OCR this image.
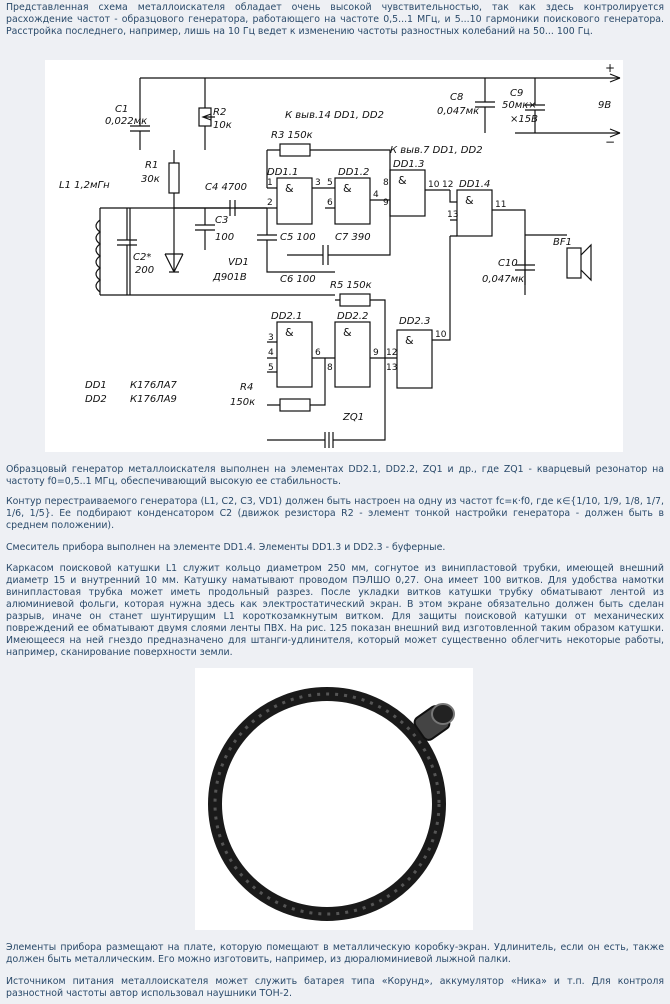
Представленная схема металлоискателя обладает очень высокой чувствительностью, так как здесь контролируется расхождение частот - образцового генератора, работающего на частоте 0,5...1 МГц, и 5...10 гармоники поискового генератора. Расстройка последнего, например, лишь на 10 Гц ведет к изменению частоты разностных колебаний на 50... 100 Гц.

C1
0,022мк
R2
10к
R1
30к
L1 1,2мГн
C2*
200
C3
100
VD1
Д901В
C4 4700
C5 100
C6 100
C7 390
R3 150к
R4
150к
R5 150к
ZQ1
C8
0,047мк
C9
50мк×
×15В
C10
0,047мк
BF1
+
−
9В
К выв.14 DD1, DD2
К выв.7 DD1, DD2
DD1.1	DD1.2
DD1.3
DD1.4
DD2.1	DD2.2	DD2.3
&	&
&
&
&	&
&
1
2
3 5
6
4
8
9
10 12
13
11
3
4
5
6
8
9 12
13
10
DD1 К176ЛА7
DD2 К176ЛА9

Образцовый генератор металлоискателя выполнен на элементах DD2.1, DD2.2, ZQ1 и др., где ZQ1 - кварцевый резонатор на частоту f0=0,5..1 МГц, обеспечивающий высокую ее стабильность.

Контур перестраиваемого генератора (L1, C2, C3, VD1) должен быть настроен на одну из частот fc=к·f0, где к∈{1/10, 1/9, 1/8, 1/7, 1/6, 1/5}. Ее подбирают конденсатором С2 (движок резистора R2 - элемент тонкой настройки генератора - должен быть в среднем положении).

Смеситель прибора выполнен на элементе DD1.4. Элементы DD1.3 и DD2.3 - буферные.

Каркасом поисковой катушки L1 служит кольцо диаметром 250 мм, согнутое из винипластовой трубки, имеющей внешний диаметр 15 и внутренний 10 мм. Катушку наматывают проводом ПЭЛШО 0,27. Она имеет 100 витков. Для удобства намотки винипластовая трубка может иметь продольный разрез. После укладки витков катушки трубку обматывают лентой из алюминиевой фольги, которая нужна здесь как электростатический экран. В этом экране обязательно должен быть сделан разрыв, иначе он станет шунтирущим L1 короткозамкнутым витком. Для защиты поисковой катушки от механических повреждений ее обматывают двумя слоями ленты ПВХ. На рис. 125 показан внешний вид изготовленной таким образом катушки. Имеющееся на ней гнездо предназначено для штанги-удлинителя, который может существенно облегчить некоторые работы, например, сканирование поверхности земли.

Элементы прибора размещают на плате, которую помещают в металлическую коробку-экран. Удлинитель, если он есть, также должен быть металлическим. Его можно изготовить, например, из дюралюминиевой лыжной палки.

Источником питания металлоискателя может служить батарея типа «Корунд», аккумулятор «Ника» и т.п. Для контроля разностной частоты автор использовал наушники ТОН-2.
